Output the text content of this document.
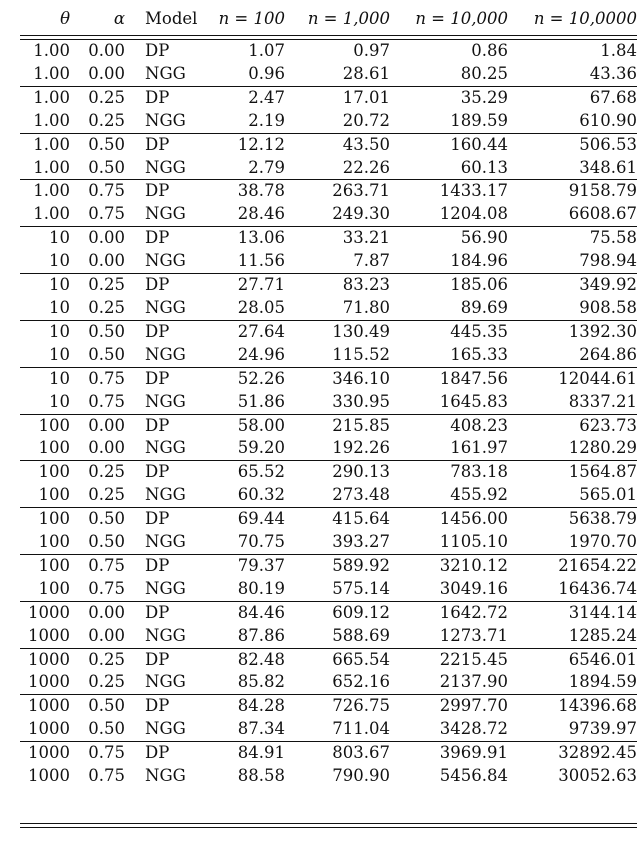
θ	α	Model	n = 100	n = 1,000	n = 10,000	n = 10,0000

1.00	0.00	DP	1.07	0.97	0.86	1.84
1.00	0.00	NGG	0.96	28.61	80.25	43.36
1.00	0.25	DP	2.47	17.01	35.29	67.68
1.00	0.25	NGG	2.19	20.72	189.59	610.90
1.00	0.50	DP	12.12	43.50	160.44	506.53
1.00	0.50	NGG	2.79	22.26	60.13	348.61
1.00	0.75	DP	38.78	263.71	1433.17	9158.79
1.00	0.75	NGG	28.46	249.30	1204.08	6608.67
10	0.00	DP	13.06	33.21	56.90	75.58
10	0.00	NGG	11.56	7.87	184.96	798.94
10	0.25	DP	27.71	83.23	185.06	349.92
10	0.25	NGG	28.05	71.80	89.69	908.58
10	0.50	DP	27.64	130.49	445.35	1392.30
10	0.50	NGG	24.96	115.52	165.33	264.86
10	0.75	DP	52.26	346.10	1847.56	12044.61
10	0.75	NGG	51.86	330.95	1645.83	8337.21
100	0.00	DP	58.00	215.85	408.23	623.73
100	0.00	NGG	59.20	192.26	161.97	1280.29
100	0.25	DP	65.52	290.13	783.18	1564.87
100	0.25	NGG	60.32	273.48	455.92	565.01
100	0.50	DP	69.44	415.64	1456.00	5638.79
100	0.50	NGG	70.75	393.27	1105.10	1970.70
100	0.75	DP	79.37	589.92	3210.12	21654.22
100	0.75	NGG	80.19	575.14	3049.16	16436.74
1000	0.00	DP	84.46	609.12	1642.72	3144.14
1000	0.00	NGG	87.86	588.69	1273.71	1285.24
1000	0.25	DP	82.48	665.54	2215.45	6546.01
1000	0.25	NGG	85.82	652.16	2137.90	1894.59
1000	0.50	DP	84.28	726.75	2997.70	14396.68
1000	0.50	NGG	87.34	711.04	3428.72	9739.97
1000	0.75	DP	84.91	803.67	3969.91	32892.45
1000	0.75	NGG	88.58	790.90	5456.84	30052.63
